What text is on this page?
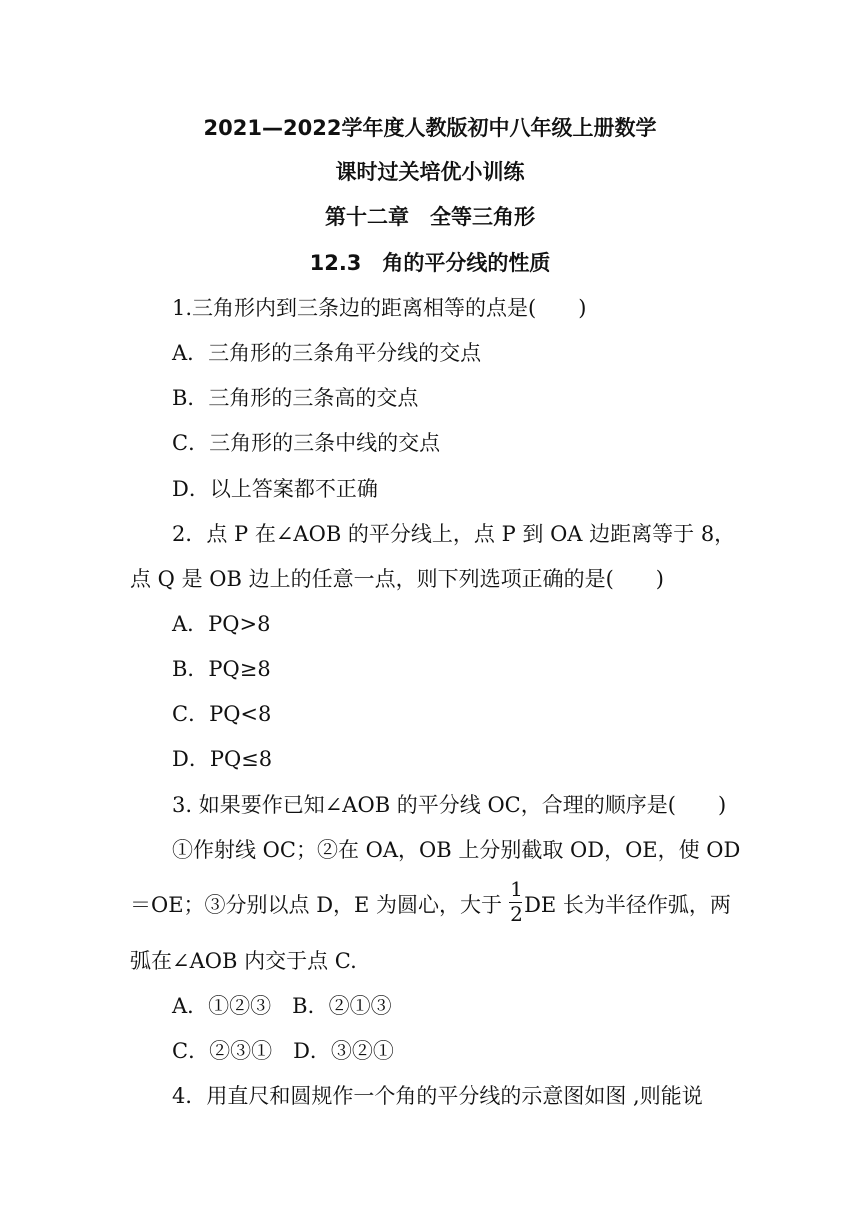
2021—2022学年度人教版初中八年级上册数学
课时过关培优小训练
第十二章　全等三角形
12.3　角的平分线的性质
1.三角形内到三条边的距离相等的点是(　　)
A．三角形的三条角平分线的交点
B．三角形的三条高的交点
C．三角形的三条中线的交点
D．以上答案都不正确
2．点 P 在∠AOB 的平分线上，点 P 到 OA 边距离等于 8，
点 Q 是 OB 边上的任意一点，则下列选项正确的是(　　)
A．PQ>8
B．PQ≥8
C．PQ<8
D．PQ≤8
3. 如果要作已知∠AOB 的平分线 OC，合理的顺序是(　　)
①作射线 OC；②在 OA，OB 上分别截取 OD，OE，使 OD
＝OE；③分别以点 D，E 为圆心，大于 $\frac{1}{2}$ DE 长为半径作弧，两
弧在∠AOB 内交于点 C.
A．①②③　B．②①③
C．②③①　D．③②①
4．用直尺和圆规作一个角的平分线的示意图如图 ,则能说
